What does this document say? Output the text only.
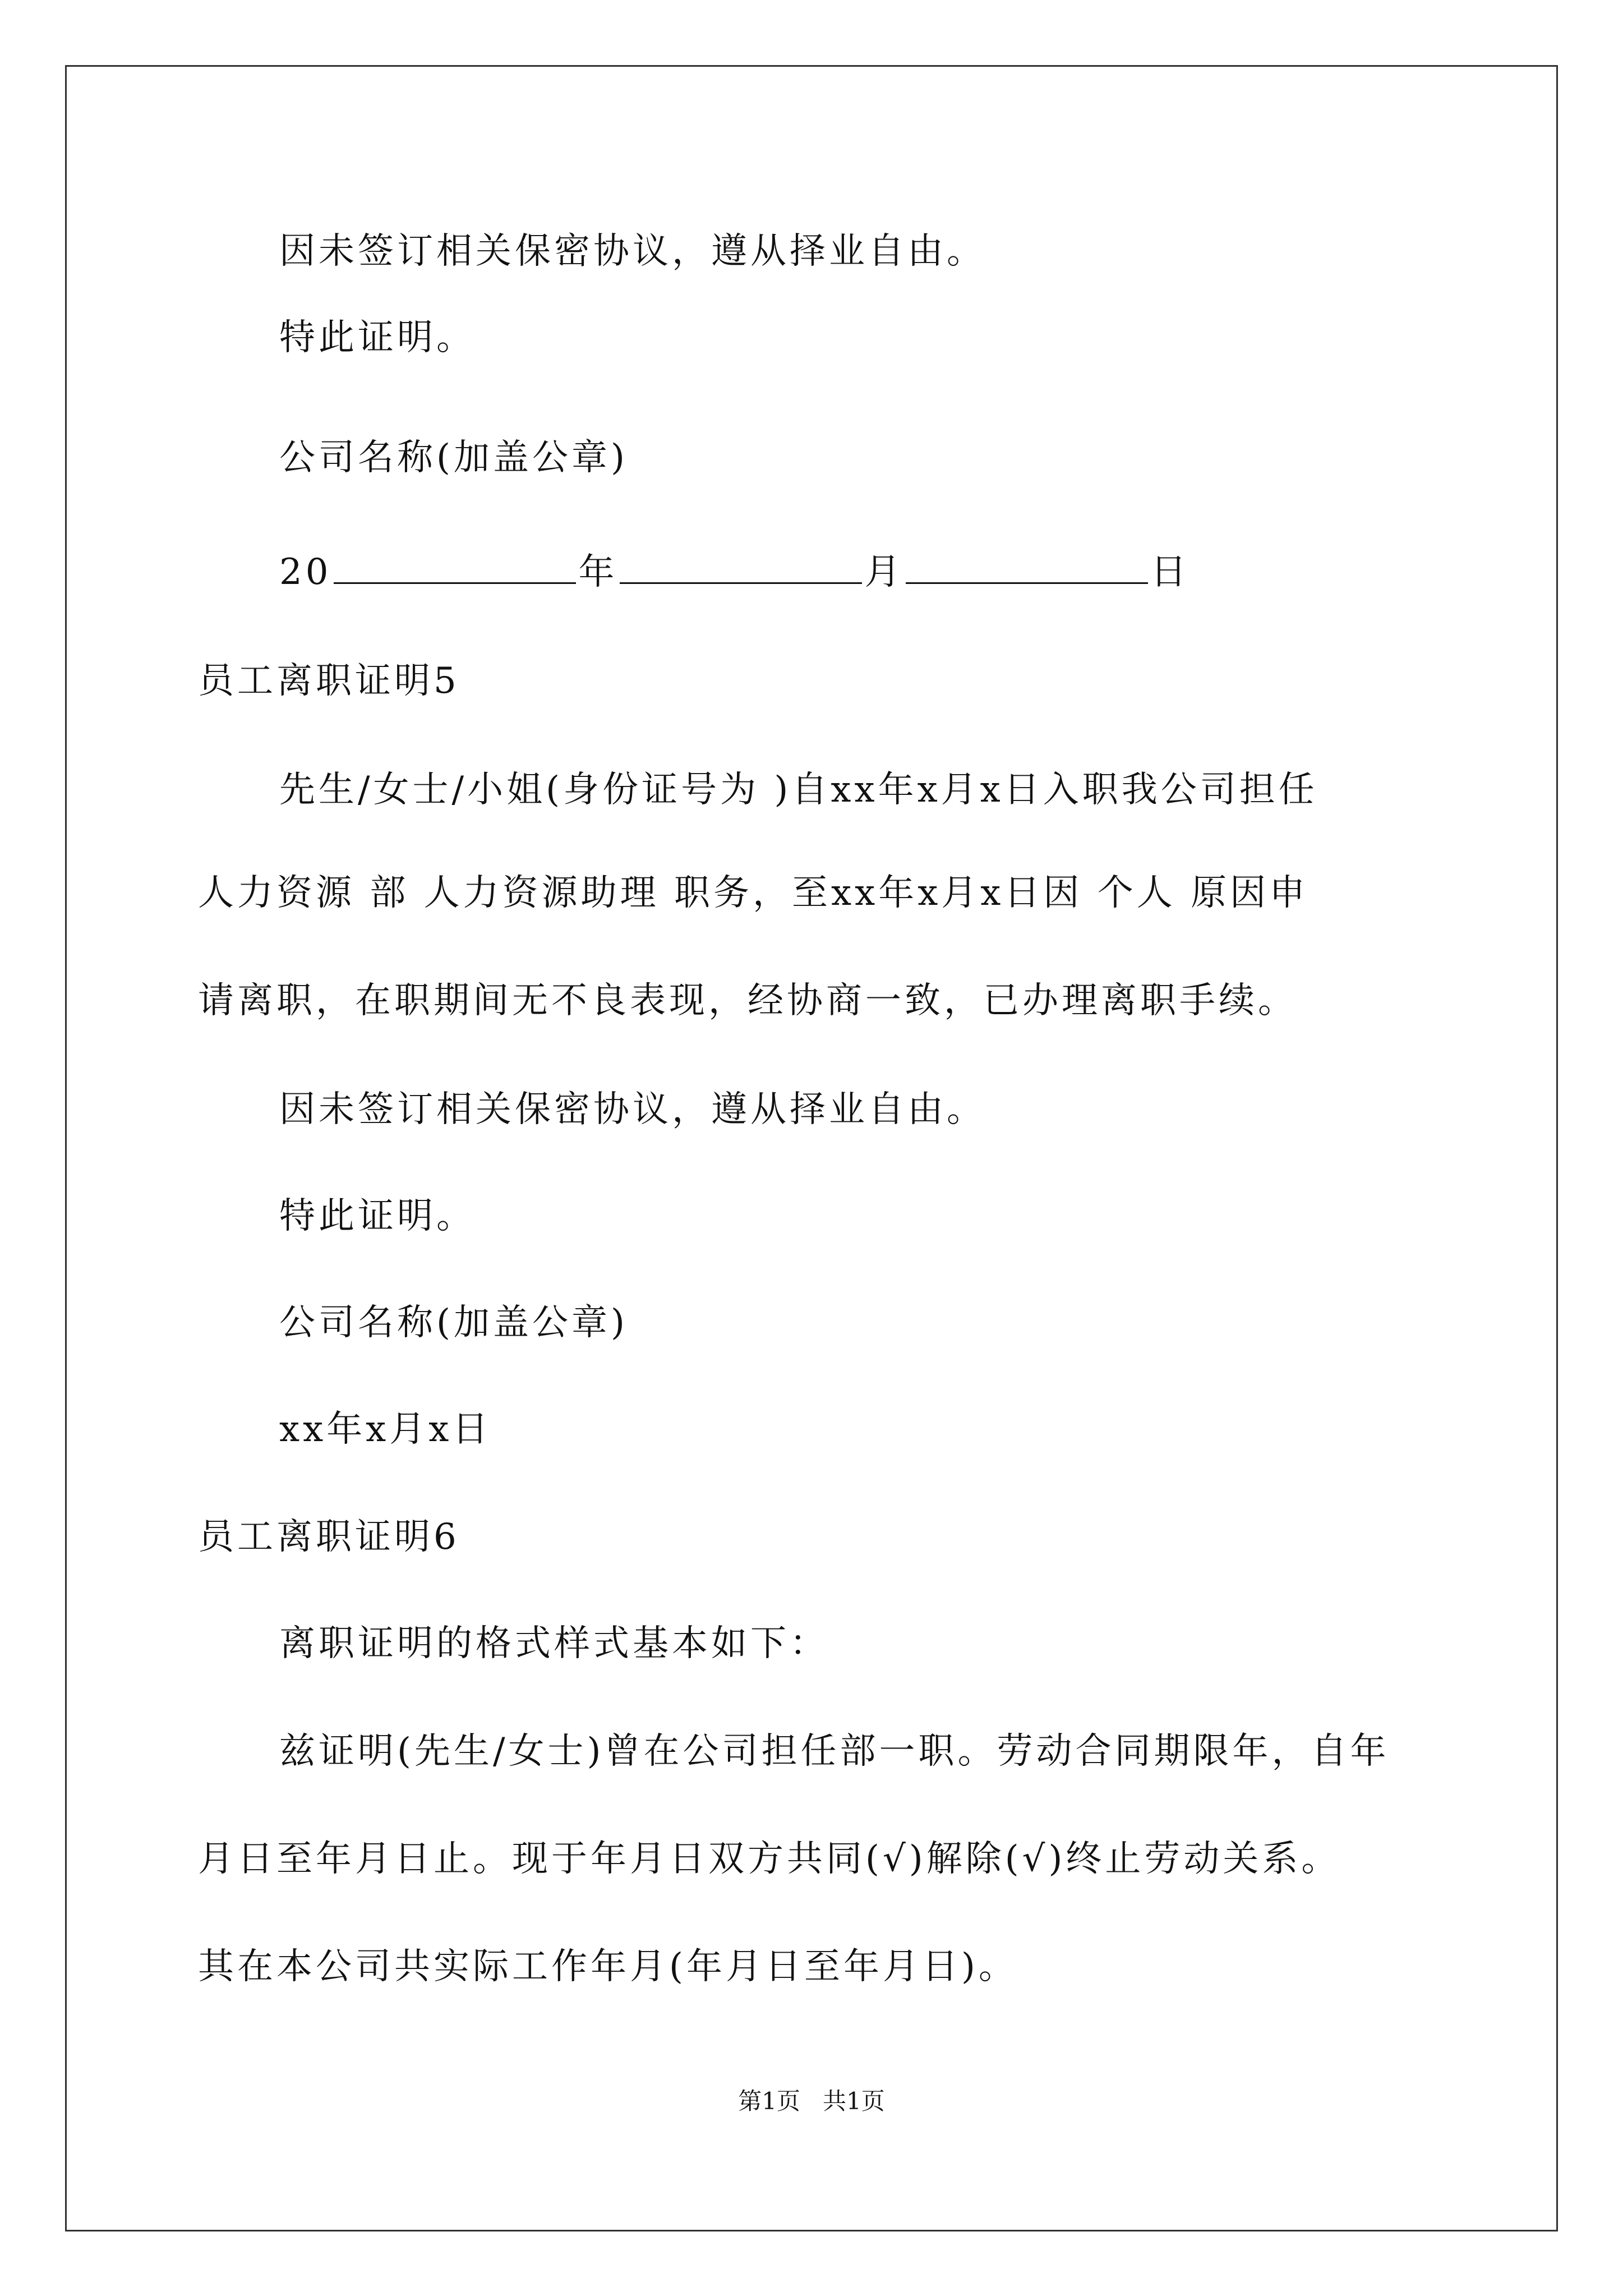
因未签订相关保密协议，遵从择业自由。
特此证明。
公司名称(加盖公章)
20	年	月	日
员工离职证明5
先生/女士/小姐(身份证号为 )自xx年x月x日入职我公司担任
人力资源 部 人力资源助理 职务，至xx年x月x日因 个人 原因申
请离职，在职期间无不良表现，经协商一致，已办理离职手续。
因未签订相关保密协议，遵从择业自由。
特此证明。
公司名称(加盖公章)
xx年x月x日
员工离职证明6
离职证明的格式样式基本如下：
兹证明(先生/女士)曾在公司担任部一职。劳动合同期限年，自年
月日至年月日止。现于年月日双方共同(√)解除(√)终止劳动关系。
其在本公司共实际工作年月(年月日至年月日)。
第1页   共1页
